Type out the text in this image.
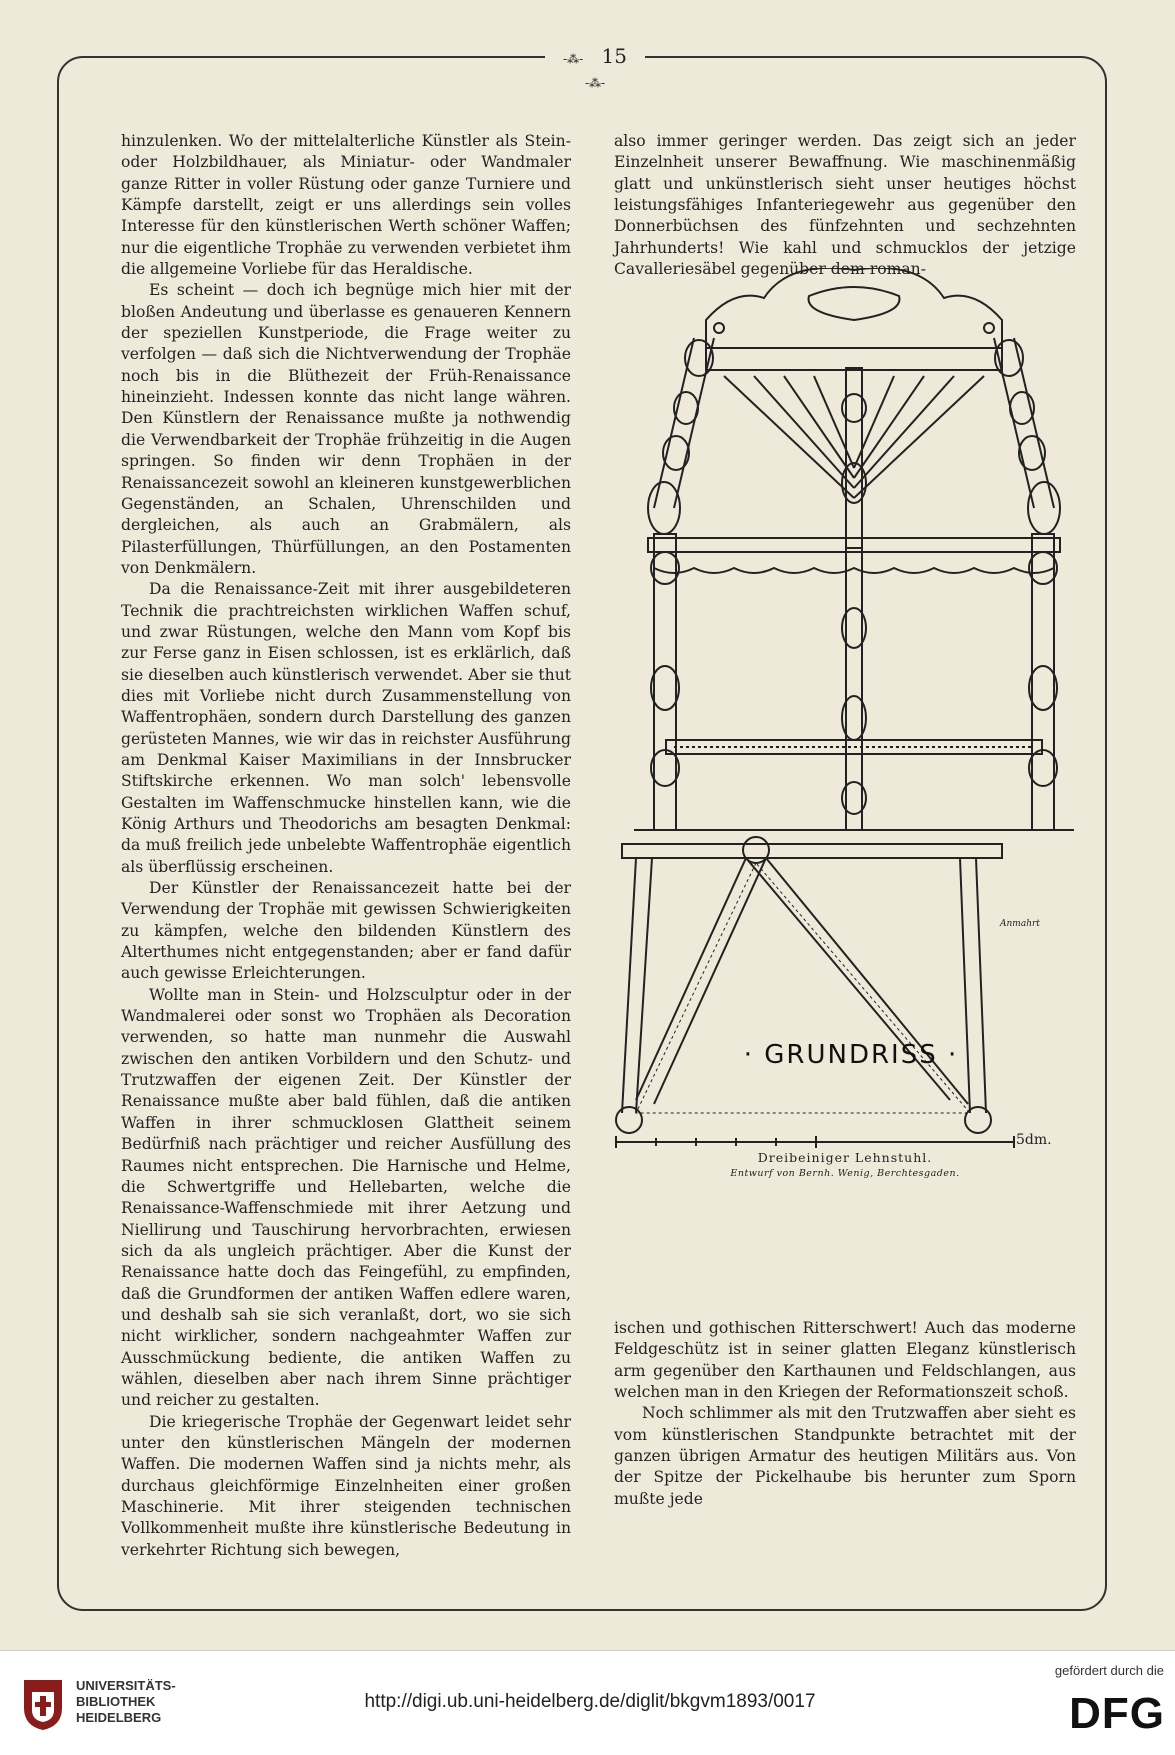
-⁂- 15 -⁂-

hinzulenken. Wo der mittelalterliche Künstler als Stein- oder Holzbildhauer, als Miniatur- oder Wandmaler ganze Ritter in voller Rüstung oder ganze Turniere und Kämpfe darstellt, zeigt er uns allerdings sein volles Interesse für den künstlerischen Werth schöner Waffen; nur die eigentliche Trophäe zu verwenden verbietet ihm die allgemeine Vorliebe für das Heraldische.

Es scheint — doch ich begnüge mich hier mit der bloßen Andeutung und überlasse es genaueren Kennern der speziellen Kunstperiode, die Frage weiter zu verfolgen — daß sich die Nichtverwendung der Trophäe noch bis in die Blüthezeit der Früh-Renaissance hineinzieht. Indessen konnte das nicht lange währen. Den Künstlern der Renaissance mußte ja nothwendig die Verwendbarkeit der Trophäe frühzeitig in die Augen springen. So finden wir denn Trophäen in der Renaissancezeit sowohl an kleineren kunstgewerblichen Gegenständen, an Schalen, Uhrenschilden und dergleichen, als auch an Grabmälern, als Pilasterfüllungen, Thürfüllungen, an den Postamenten von Denkmälern.

Da die Renaissance-Zeit mit ihrer ausgebildeteren Technik die prachtreichsten wirklichen Waffen schuf, und zwar Rüstungen, welche den Mann vom Kopf bis zur Ferse ganz in Eisen schlossen, ist es erklärlich, daß sie dieselben auch künstlerisch verwendet. Aber sie thut dies mit Vorliebe nicht durch Zusammenstellung von Waffentrophäen, sondern durch Darstellung des ganzen gerüsteten Mannes, wie wir das in reichster Ausführung am Denkmal Kaiser Maximilians in der Innsbrucker Stiftskirche erkennen. Wo man solch' lebensvolle Gestalten im Waffenschmucke hinstellen kann, wie die König Arthurs und Theodorichs am besagten Denkmal: da muß freilich jede unbelebte Waffentrophäe eigentlich als überflüssig erscheinen.

Der Künstler der Renaissancezeit hatte bei der Verwendung der Trophäe mit gewissen Schwierigkeiten zu kämpfen, welche den bildenden Künstlern des Alterthumes nicht entgegenstanden; aber er fand dafür auch gewisse Erleichterungen.

Wollte man in Stein- und Holzsculptur oder in der Wandmalerei oder sonst wo Trophäen als Decoration verwenden, so hatte man nunmehr die Auswahl zwischen den antiken Vorbildern und den Schutz- und Trutzwaffen der eigenen Zeit. Der Künstler der Renaissance mußte aber bald fühlen, daß die antiken Waffen in ihrer schmucklosen Glattheit seinem Bedürfniß nach prächtiger und reicher Ausfüllung des Raumes nicht entsprechen. Die Harnische und Helme, die Schwertgriffe und Hellebarten, welche die Renaissance-Waffenschmiede mit ihrer Aetzung und Niellirung und Tauschirung hervorbrachten, erwiesen sich da als ungleich prächtiger. Aber die Kunst der Renaissance hatte doch das Feingefühl, zu empfinden, daß die Grundformen der antiken Waffen edlere waren, und deshalb sah sie sich veranlaßt, dort, wo sie sich nicht wirklicher, sondern nachgeahmter Waffen zur Ausschmückung bediente, die antiken Waffen zu wählen, dieselben aber nach ihrem Sinne prächtiger und reicher zu gestalten.

Die kriegerische Trophäe der Gegenwart leidet sehr unter den künstlerischen Mängeln der modernen Waffen. Die modernen Waffen sind ja nichts mehr, als durchaus gleichförmige Einzelnheiten einer großen Maschinerie. Mit ihrer steigenden technischen Vollkommenheit mußte ihre künstlerische Bedeutung in verkehrter Richtung sich bewegen,

also immer geringer werden. Das zeigt sich an jeder Einzelnheit unserer Bewaffnung. Wie maschinenmäßig glatt und unkünstlerisch sieht unser heutiges höchst leistungsfähiges Infanteriegewehr aus gegenüber den Donnerbüchsen des fünfzehnten und sechzehnten Jahrhunderts! Wie kahl und schmucklos der jetzige Cavalleriesäbel gegenüber dem roman-

· GRUNDRISS ·
Anmahrt
5dm.
Dreibeiniger Lehnstuhl.
Entwurf von Bernh. Wenig, Berchtesgaden.

ischen und gothischen Ritterschwert! Auch das moderne Feldgeschütz ist in seiner glatten Eleganz künstlerisch arm gegenüber den Karthaunen und Feldschlangen, aus welchen man in den Kriegen der Reformationszeit schoß.

Noch schlimmer als mit den Trutzwaffen aber sieht es vom künstlerischen Standpunkte betrachtet mit der ganzen übrigen Armatur des heutigen Militärs aus. Von der Spitze der Pickelhaube bis herunter zum Sporn mußte jede

UNIVERSITÄTS-
BIBLIOTHEK
HEIDELBERG
http://digi.ub.uni-heidelberg.de/diglit/bkgvm1893/0017
gefördert durch die
DFG
